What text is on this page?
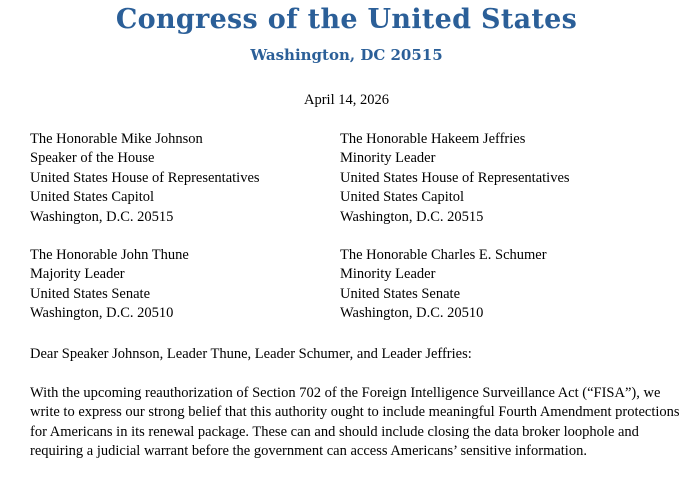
Congress of the United States
Washington, DC 20515
April 14, 2026
The Honorable Mike Johnson
Speaker of the House
United States House of Representatives
United States Capitol
Washington, D.C. 20515
The Honorable Hakeem Jeffries
Minority Leader
United States House of Representatives
United States Capitol
Washington, D.C. 20515
The Honorable John Thune
Majority Leader
United States Senate
Washington, D.C. 20510
The Honorable Charles E. Schumer
Minority Leader
United States Senate
Washington, D.C. 20510
Dear Speaker Johnson, Leader Thune, Leader Schumer, and Leader Jeffries:
With the upcoming reauthorization of Section 702 of the Foreign Intelligence Surveillance Act (“FISA”), we
write to express our strong belief that this authority ought to include meaningful Fourth Amendment protections
for Americans in its renewal package. These can and should include closing the data broker loophole and
requiring a judicial warrant before the government can access Americans’ sensitive information.
